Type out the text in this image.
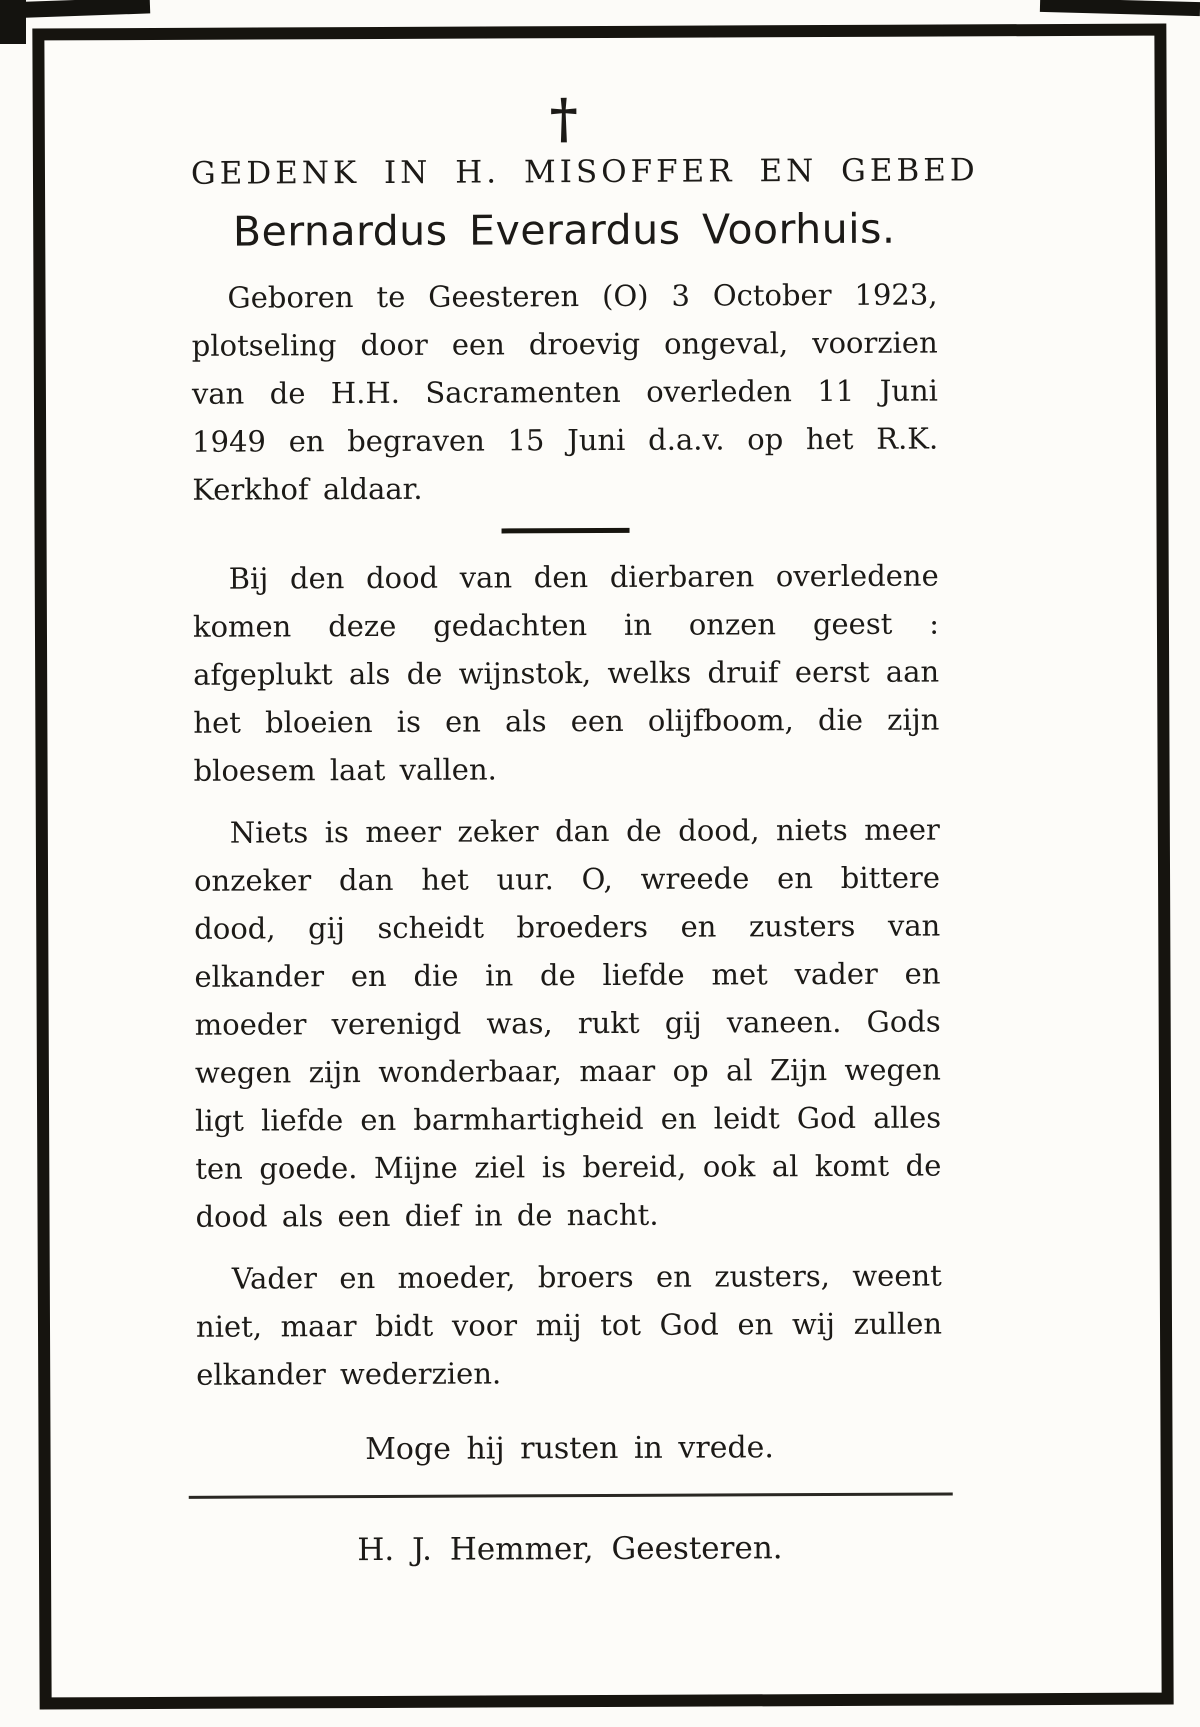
†
GEDENK IN H. MISOFFER EN GEBED
Bernardus Everardus Voorhuis.

Geboren te Geesteren (O) 3 October 1923, plotseling door een droevig ongeval, voorzien van de H.H. Sacramenten overleden 11 Juni 1949 en begraven 15 Juni d.a.v. op het R.K. Kerkhof aldaar.

Bij den dood van den dierbaren overledene komen deze gedachten in onzen geest : afgeplukt als de wijnstok, welks druif eerst aan het bloeien is en als een olijfboom, die zijn bloesem laat vallen.

Niets is meer zeker dan de dood, niets meer onzeker dan het uur. O, wreede en bittere dood, gij scheidt broeders en zusters van elkander en die in de liefde met vader en moeder verenigd was, rukt gij vaneen. Gods wegen zijn wonderbaar, maar op al Zijn wegen ligt liefde en barmhartigheid en leidt God alles ten goede. Mijne ziel is bereid, ook al komt de dood als een dief in de nacht.

Vader en moeder, broers en zusters, weent niet, maar bidt voor mij tot God en wij zullen elkander wederzien.

Moge hij rusten in vrede.
H. J. Hemmer, Geesteren.
